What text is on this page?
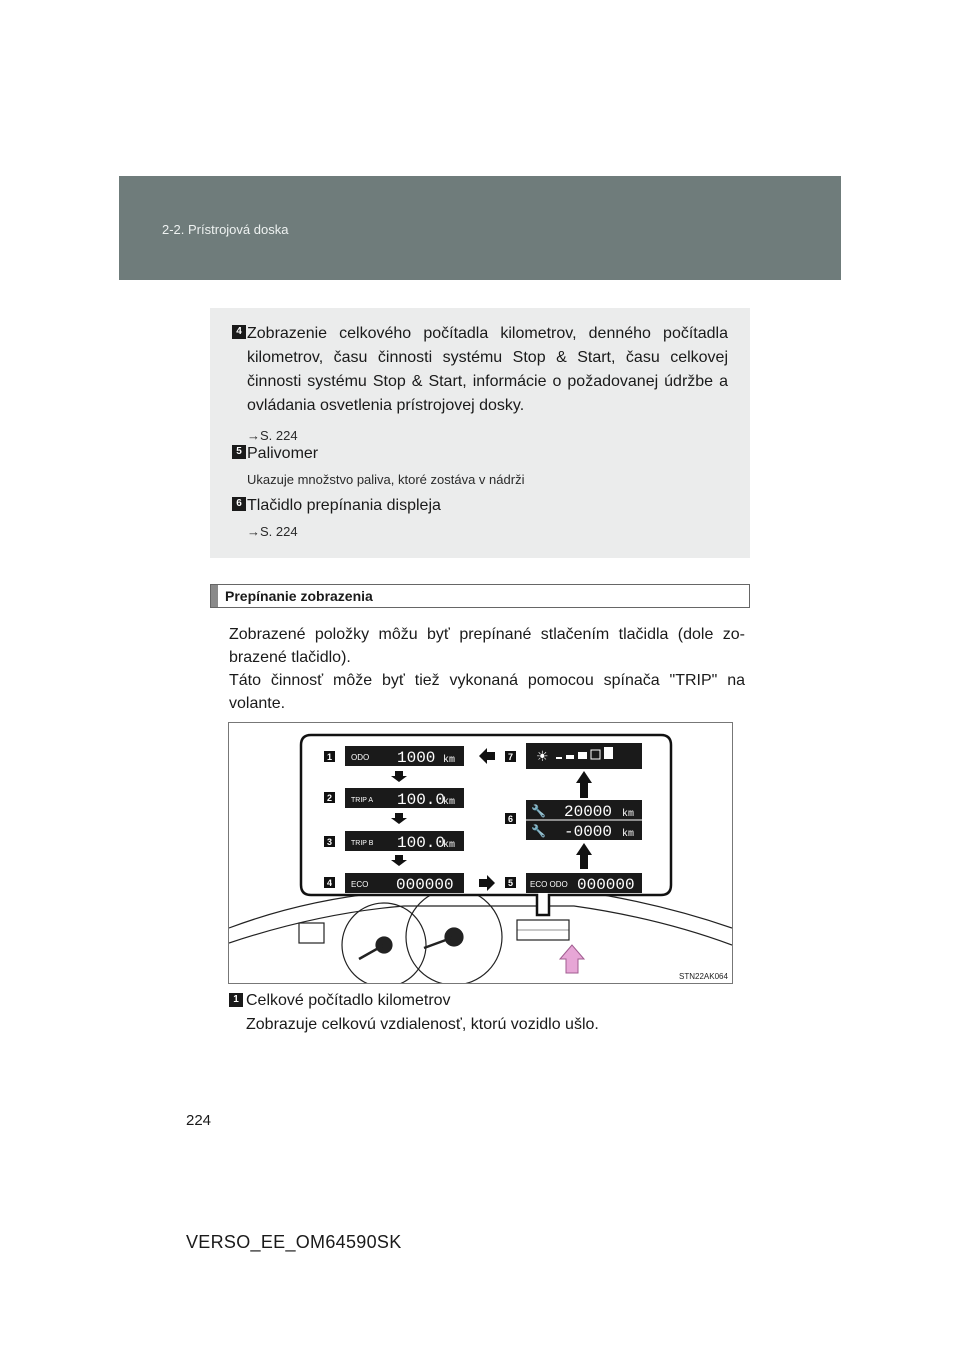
2-2. Prístrojová doska
4 Zobrazenie celkového počítadla kilometrov, denného počítadla kilometrov, času činnosti systému Stop & Start, času celkovej činnosti systému Stop & Start, informácie o požadovanej údržbe a ovládania osvetlenia prístrojovej dosky.
→S. 224
5 Palivomer
Ukazuje množstvo paliva, ktoré zostáva v nádrži
6 Tlačidlo prepínania displeja
→S. 224
Prepínanie zobrazenia
Zobrazené položky môžu byť prepínané stlačením tlačidla (dole zo-brazené tlačidlo).
Táto činnosť môže byť tiež vykonaná pomocou spínača "TRIP" na volante.
STN22AK064
1
2
3
4	5
6
7
ODO 1000 km
TRIP A 100.0
km
TRIP B 100.0
km
ECO 000000	ECO ODO 000000
🔧 20000 km
🔧 -0000 km
☀
1 Celkové počítadlo kilometrov
Zobrazuje celkovú vzdialenosť, ktorú vozidlo ušlo.
224
VERSO_EE_OM64590SK
